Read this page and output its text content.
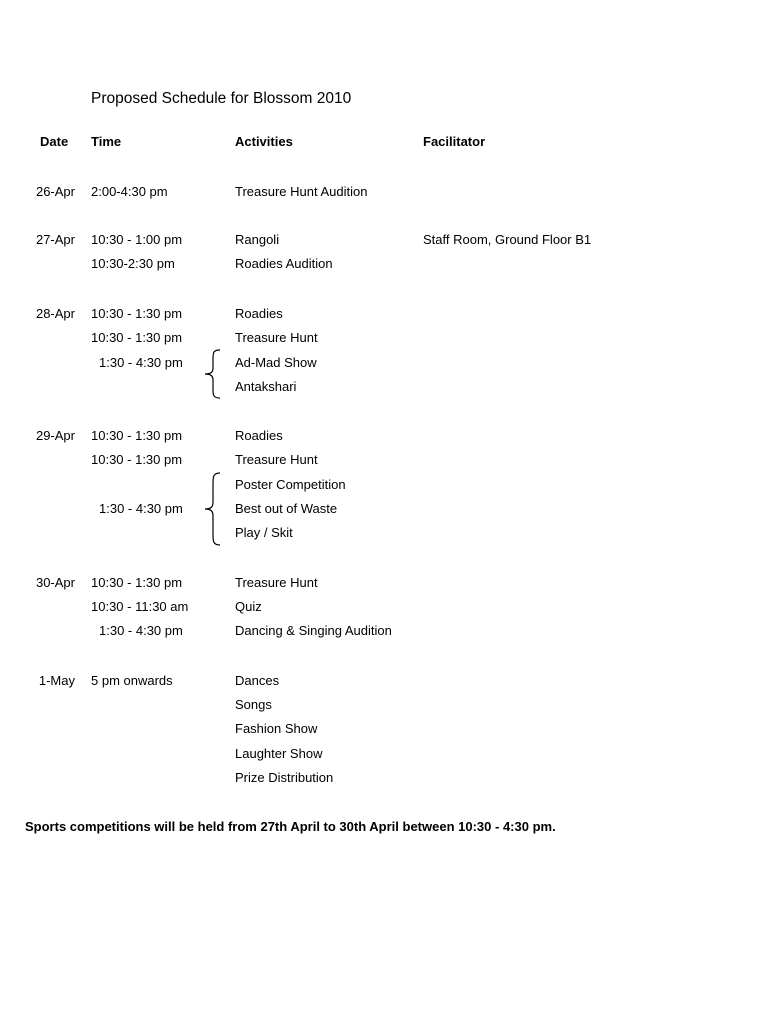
Proposed Schedule for Blossom 2010
Date Time	Activities	Facilitator
26-Apr 2:00-4:30 pm	Treasure Hunt Audition
27-Apr 10:30 - 1:00 pm	Rangoli	Staff Room, Ground Floor B1
10:30-2:30 pm	Roadies Audition
28-Apr 10:30 - 1:30 pm	Roadies
10:30 - 1:30 pm	Treasure Hunt
1:30 - 4:30 pm	Ad-Mad Show
Antakshari
29-Apr 10:30 - 1:30 pm	Roadies
10:30 - 1:30 pm	Treasure Hunt
Poster Competition
1:30 - 4:30 pm	Best out of Waste
Play / Skit
30-Apr 10:30 - 1:30 pm	Treasure Hunt
10:30 - 11:30 am	Quiz
1:30 - 4:30 pm	Dancing & Singing Audition
1-May 5 pm onwards	Dances
Songs
Fashion Show
Laughter Show
Prize Distribution
Sports competitions will be held from 27th April to 30th April between 10:30 - 4:30 pm.
